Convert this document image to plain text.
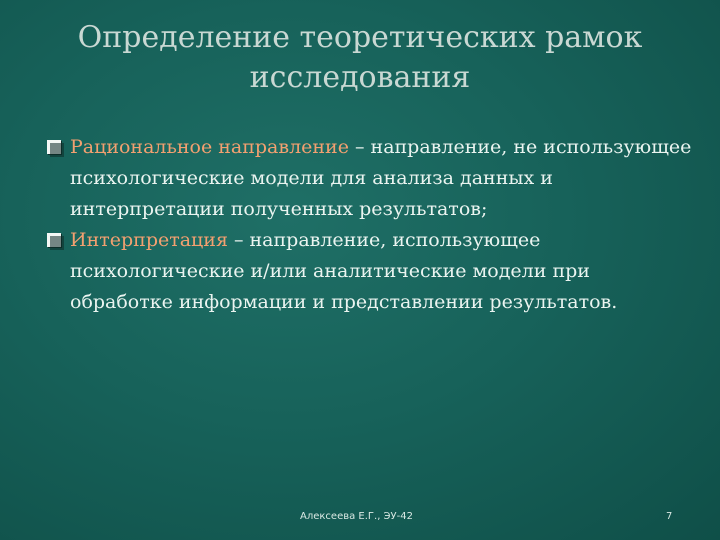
Определение теоретических рамок
исследования

Рациональное направление – направление, не использующее психологические модели для анализа данных и интерпретации полученных результатов;

Интерпретация – направление, использующее психологические и/или аналитические модели при обработке информации и представлении результатов.

Алексеева Е.Г., ЭУ-42	7
